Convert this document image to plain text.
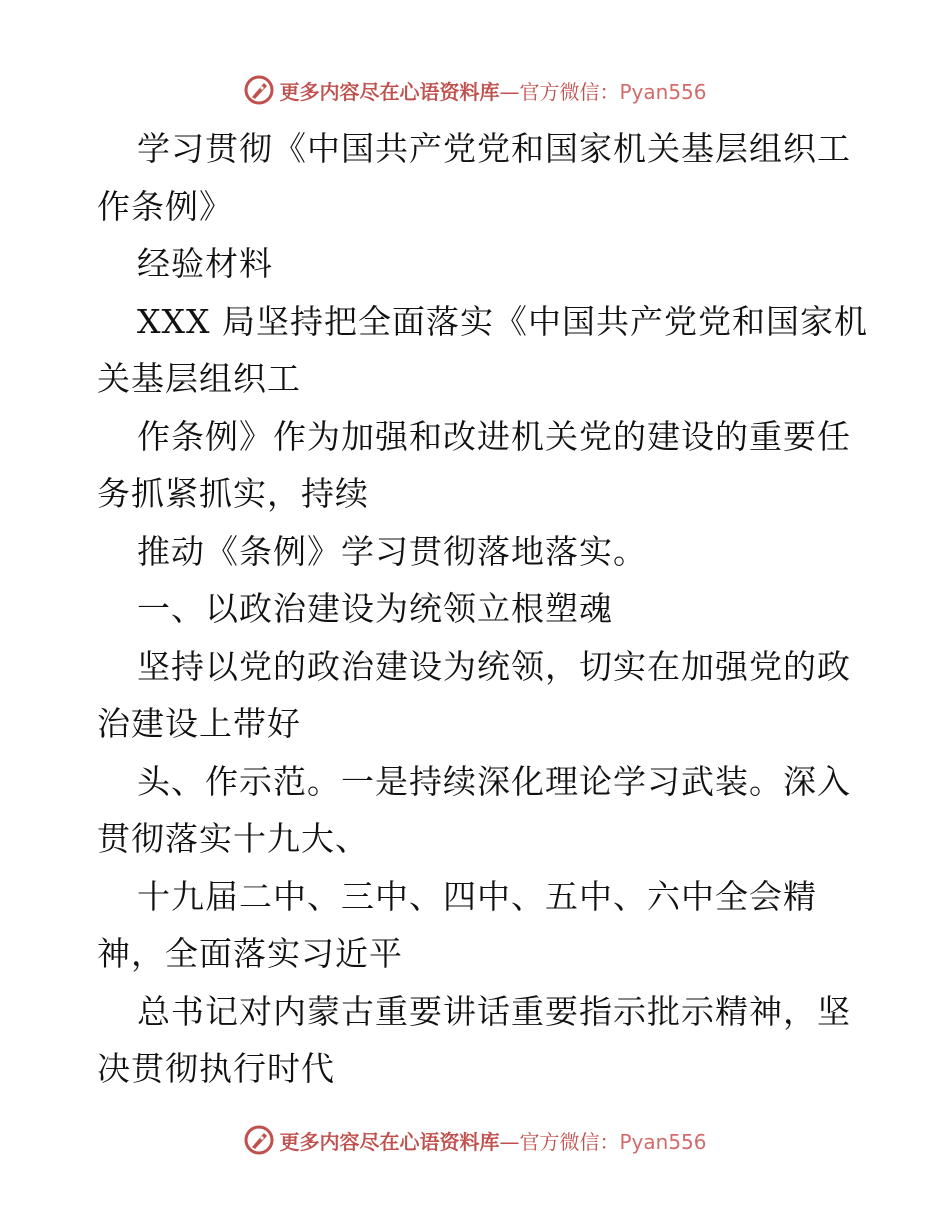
更多内容尽在心语资料库—官方微信：Pyan556
学习贯彻《中国共产党党和国家机关基层组织工
作条例》
经验材料
XXX 局坚持把全面落实《中国共产党党和国家机
关基层组织工
作条例》作为加强和改进机关党的建设的重要任
务抓紧抓实，持续
推动《条例》学习贯彻落地落实。
一、以政治建设为统领立根塑魂
坚持以党的政治建设为统领，切实在加强党的政
治建设上带好
头、作示范。一是持续深化理论学习武装。深入
贯彻落实十九大、
十九届二中、三中、四中、五中、六中全会精
神，全面落实习近平
总书记对内蒙古重要讲话重要指示批示精神，坚
决贯彻执行时代
更多内容尽在心语资料库—官方微信：Pyan556
